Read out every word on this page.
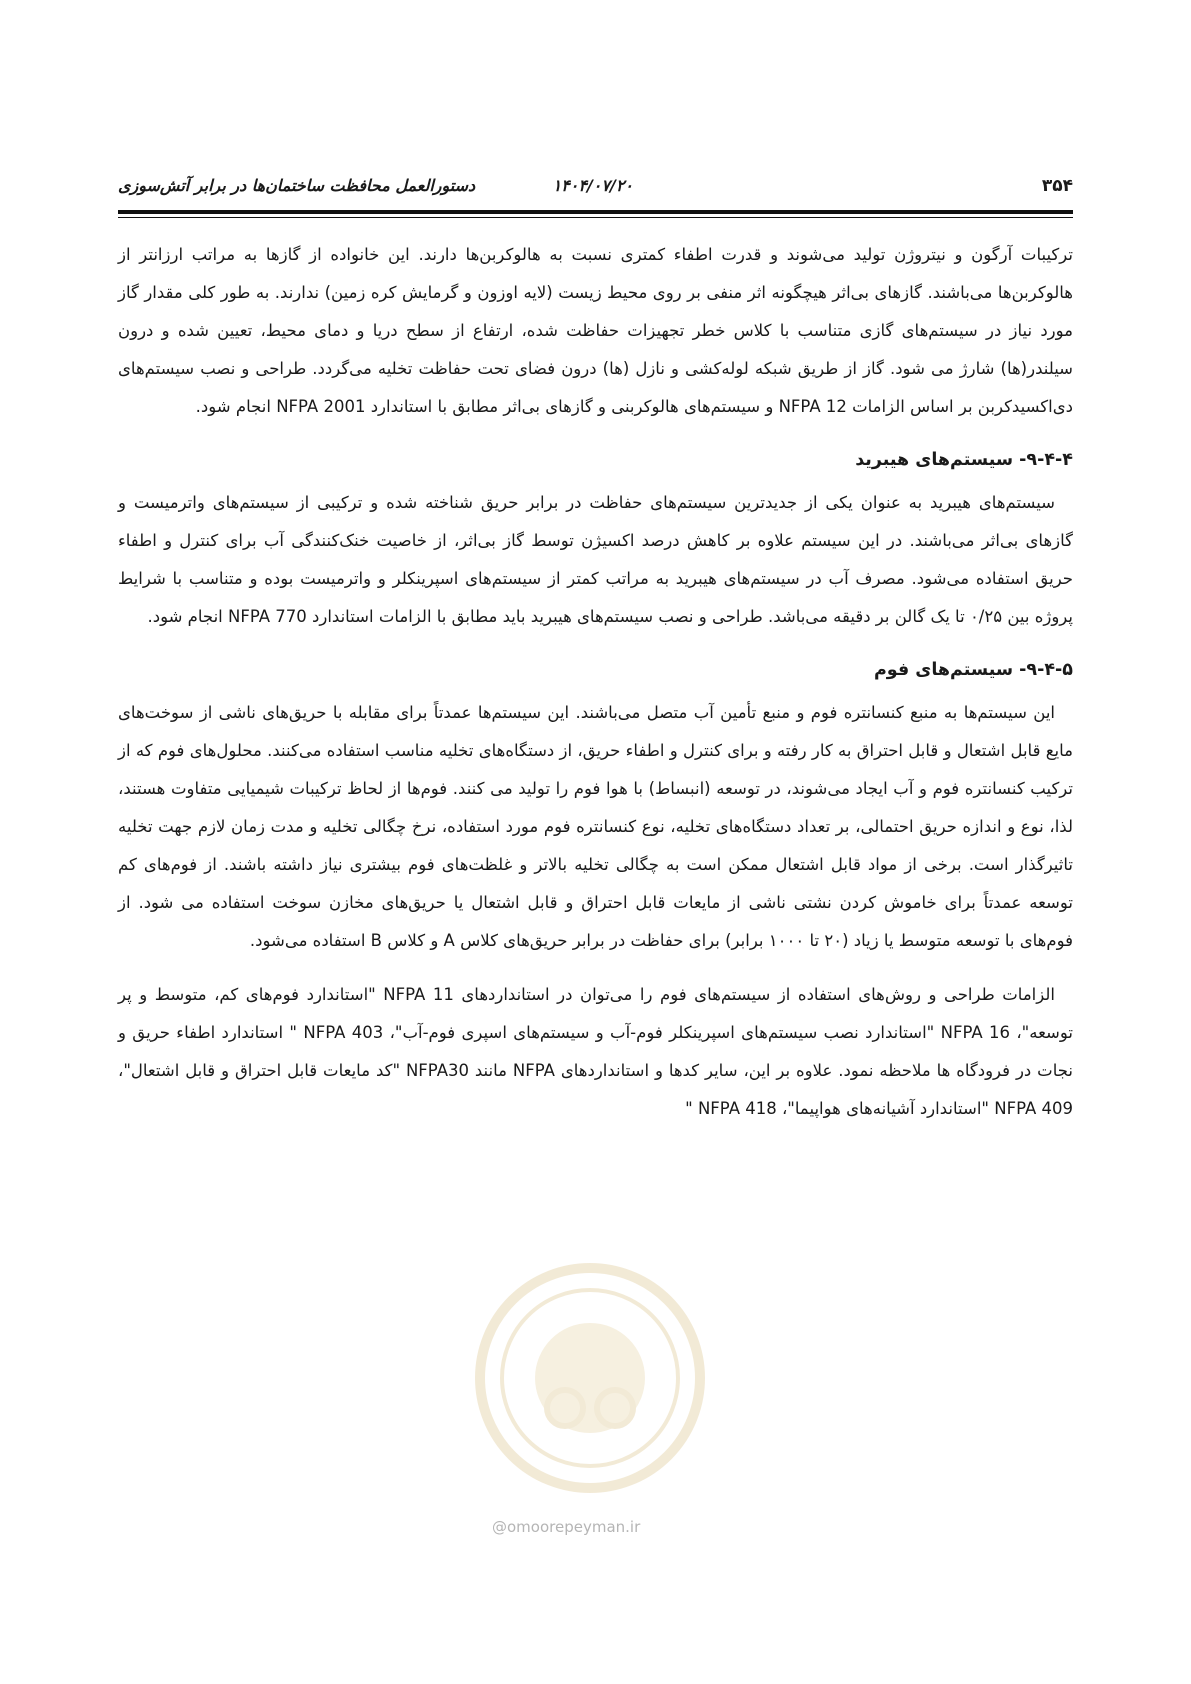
۳۵۴
۱۴۰۴/۰۷/۲۰
دستورالعمل محافظت ساختمان‌ها در برابر آتش‌سوزی

ترکیبات آرگون و نیتروژن تولید می‌شوند و قدرت اطفاء کمتری نسبت به هالوکربن‌ها دارند. این خانواده از گازها به مراتب ارزانتر از هالوکربن‌ها می‌باشند. گازهای بی‌اثر هیچگونه اثر منفی بر روی محیط زیست (لایه اوزون و گرمایش کره زمین) ندارند. به طور کلی مقدار گاز مورد نیاز در سیستم‌های گازی متناسب با کلاس خطر تجهیزات حفاظت شده، ارتفاع از سطح دریا و دمای محیط، تعیین شده و درون سیلندر(ها) شارژ می شود. گاز از طریق شبکه لوله‌کشی و نازل (ها) درون فضای تحت حفاظت تخلیه می‌گردد. طراحی و نصب سیستم‌های دی‌اکسیدکربن بر اساس الزامات NFPA 12 و سیستم‌های هالوکربنی و گازهای بی‌اثر مطابق با استاندارد NFPA 2001 انجام شود.

۹-۴-۴- سیستم‌های هیبرید

سیستم‌های هیبرید به عنوان یکی از جدیدترین سیستم‌های حفاظت در برابر حریق شناخته شده و ترکیبی از سیستم‌های واترمیست و گازهای بی‌اثر می‌باشند. در این سیستم علاوه بر کاهش درصد اکسیژن توسط گاز بی‌اثر، از خاصیت خنک‌کنندگی آب برای کنترل و اطفاء حریق استفاده می‌شود. مصرف آب در سیستم‌های هیبرید به مراتب کمتر از سیستم‌های اسپرینکلر و واترمیست بوده و متناسب با شرایط پروژه بین ۰/۲۵ تا یک گالن بر دقیقه می‌باشد. طراحی و نصب سیستم‌های هیبرید باید مطابق با الزامات استاندارد NFPA 770 انجام شود.

۹-۴-۵- سیستم‌های فوم

این سیستم‌ها به منبع کنسانتره فوم و منبع تأمین آب متصل می‌باشند. این سیستم‌ها عمدتاً برای مقابله با حریق‌های ناشی از سوخت‌های مایع قابل اشتعال و قابل احتراق به کار رفته و برای کنترل و اطفاء حریق، از دستگاه‌های تخلیه مناسب استفاده می‌کنند. محلول‌های فوم که از ترکیب کنسانتره فوم و آب ایجاد می‌شوند، در توسعه (انبساط) با هوا فوم را تولید می کنند. فوم‌ها از لحاظ ترکیبات شیمیایی متفاوت هستند، لذا، نوع و اندازه حریق احتمالی، بر تعداد دستگاه‌های تخلیه، نوع کنسانتره فوم مورد استفاده، نرخ چگالی تخلیه و مدت زمان لازم جهت تخلیه تاثیرگذار است. برخی از مواد قابل اشتعال ممکن است به چگالی تخلیه بالاتر و غلظت‌های فوم بیشتری نیاز داشته باشند. از فوم‌های کم توسعه عمدتاً برای خاموش کردن نشتی ناشی از مایعات قابل احتراق و قابل اشتعال یا حریق‌های مخازن سوخت استفاده می شود. از فوم‌های با توسعه متوسط یا زیاد (۲۰ تا ۱۰۰۰ برابر) برای حفاظت در برابر حریق‌های کلاس A و کلاس B استفاده می‌شود.

الزامات طراحی و روش‌های استفاده از سیستم‌های فوم را می‌توان در استانداردهای NFPA 11 "استاندارد فوم‌های کم، متوسط و پر توسعه"، NFPA 16 "استاندارد نصب سیستم‌های اسپرینکلر فوم-آب و سیستم‌های اسپری فوم-آب"، NFPA 403 " استاندارد اطفاء حریق و نجات در فرودگاه ها ملاحظه نمود. علاوه بر این، سایر کدها و استانداردهای NFPA مانند NFPA30 "کد مایعات قابل احتراق و قابل اشتعال"، NFPA 409 "استاندارد آشیانه‌های هواپیما"، NFPA 418 "

@omoorepeyman.ir
